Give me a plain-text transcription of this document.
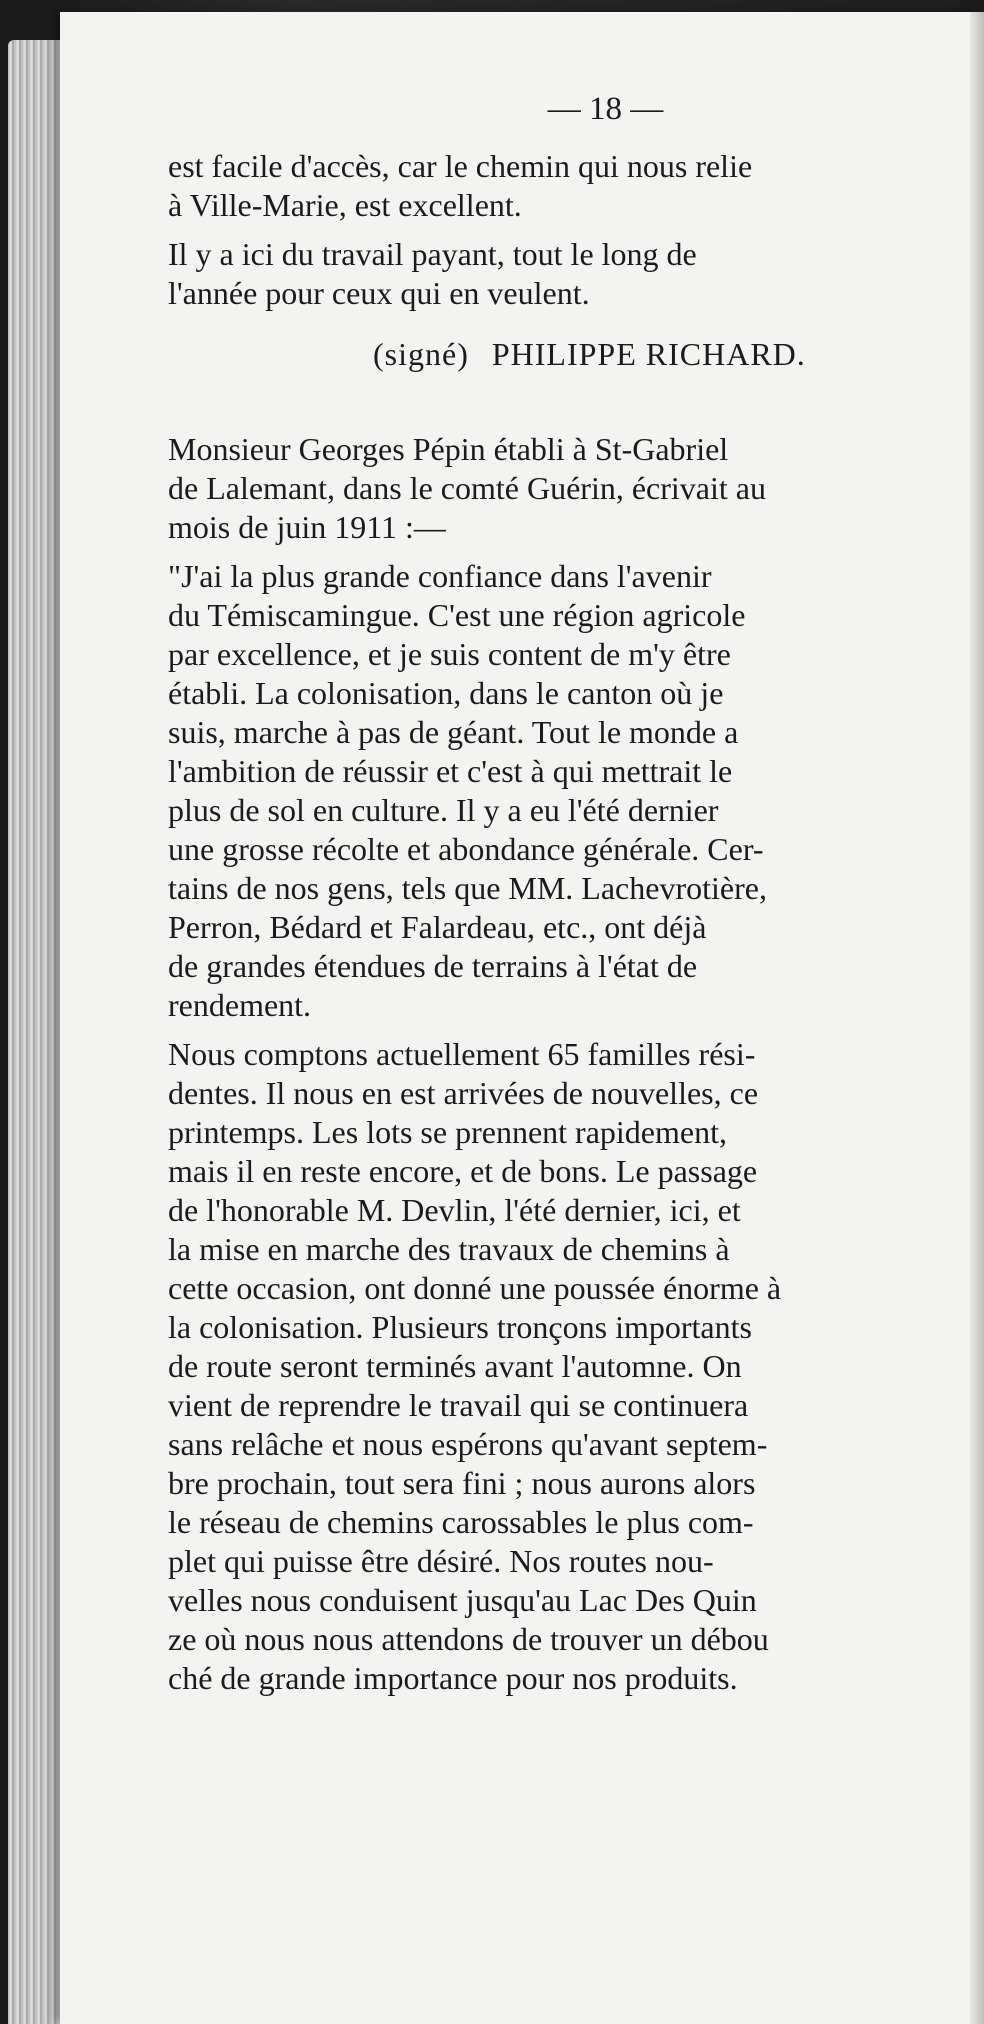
— 18 —

est facile d'accès, car le chemin qui nous relie
à Ville-Marie, est excellent.

Il y a ici du travail payant, tout le long de
l'année pour ceux qui en veulent.

(signé) PHILIPPE RICHARD.

Monsieur Georges Pépin établi à St-Gabriel
de Lalemant, dans le comté Guérin, écrivait au
mois de juin 1911 :—

"J'ai la plus grande confiance dans l'avenir
du Témiscamingue. C'est une région agricole
par excellence, et je suis content de m'y être
établi. La colonisation, dans le canton où je
suis, marche à pas de géant. Tout le monde a
l'ambition de réussir et c'est à qui mettrait le
plus de sol en culture. Il y a eu l'été dernier
une grosse récolte et abondance générale. Cer-
tains de nos gens, tels que MM. Lachevrotière,
Perron, Bédard et Falardeau, etc., ont déjà
de grandes étendues de terrains à l'état de
rendement.

Nous comptons actuellement 65 familles rési-
dentes. Il nous en est arrivées de nouvelles, ce
printemps. Les lots se prennent rapidement,
mais il en reste encore, et de bons. Le passage
de l'honorable M. Devlin, l'été dernier, ici, et
la mise en marche des travaux de chemins à
cette occasion, ont donné une poussée énorme à
la colonisation. Plusieurs tronçons importants
de route seront terminés avant l'automne. On
vient de reprendre le travail qui se continuera
sans relâche et nous espérons qu'avant septem-
bre prochain, tout sera fini ; nous aurons alors
le réseau de chemins carossables le plus com-
plet qui puisse être désiré. Nos routes nou-
velles nous conduisent jusqu'au Lac Des Quin
ze où nous nous attendons de trouver un débou
ché de grande importance pour nos produits.
